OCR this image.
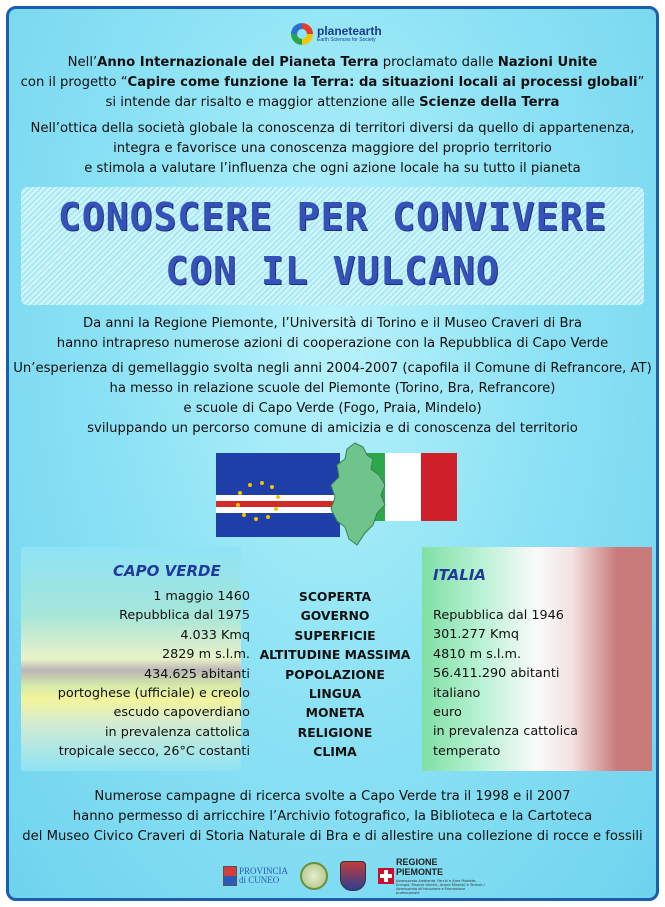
planetearth
Earth Sciences for Society
Nell’Anno Internazionale del Pianeta Terra proclamato dalle Nazioni Unite
con il progetto “Capire come funzione la Terra: da situazioni locali ai processi globali”
si intende dar risalto e maggior attenzione alle Scienze della Terra
Nell’ottica della società globale la conoscenza di territori diversi da quello di appartenenza,
integra e favorisce una conoscenza maggiore del proprio territorio
e stimola a valutare l’influenza che ogni azione locale ha su tutto il pianeta
CONOSCERE PER CONVIVERE
CON IL VULCANO
Da anni la Regione Piemonte, l’Università di Torino e il Museo Craveri di Bra
hanno intrapreso numerose azioni di cooperazione con la Repubblica di Capo Verde
Un’esperienza di gemellaggio svolta negli anni 2004-2007 (capofila il Comune di Refrancore, AT)
ha messo in relazione scuole del Piemonte (Torino, Bra, Refrancore)
e scuole di Capo Verde (Fogo, Praia, Mindelo)
sviluppando un percorso comune di amicizia e di conoscenza del territorio
CAPO VERDE	ITALIA
1 maggio 1460
Repubblica dal 1975
4.033 Kmq
2829 m s.l.m.
434.625 abitanti
portoghese (ufficiale) e creolo
escudo capoverdiano
in prevalenza cattolica
tropicale secco, 26°C costanti
SCOPERTA
GOVERNO
SUPERFICIE
ALTITUDINE MASSIMA
POPOLAZIONE
LINGUA
MONETA
RELIGIONE
CLIMA
Repubblica dal 1946
301.277 Kmq
4810 m s.l.m.
56.411.290 abitanti
italiano
euro
in prevalenza cattolica
temperato
Numerose campagne di ricerca svolte a Capo Verde tra il 1998 e il 2007
hanno permesso di arricchire l’Archivio fotografico, la Biblioteca e la Cartoteca
del Museo Civico Craveri di Storia Naturale di Bra e di allestire una collezione di rocce e fossili
PROVINCIA
di CUNEO
REGIONE
PIEMONTE
Assessorato Ambiente, Parchi e Aree Protette, Energia, Risorse Idriche, Acque Minerali e Termali / Assessorato all'Istruzione e Formazione professionale
